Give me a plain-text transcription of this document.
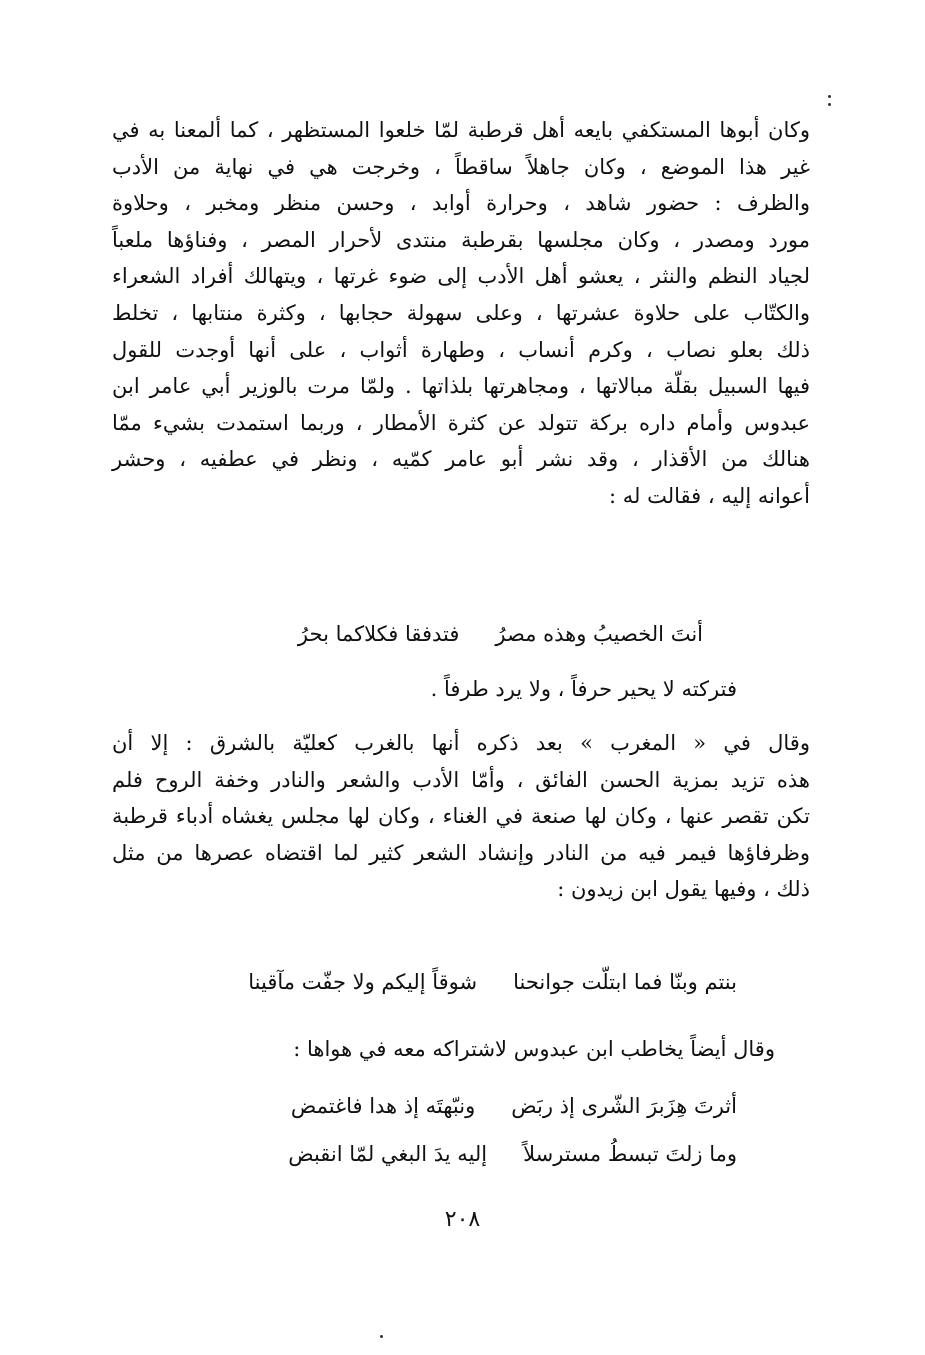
وكان أبوها المستكفي بايعه أهل قرطبة لمّا خلعوا المستظهر ، كما ألمعنا به في
غير هذا الموضع ، وكان جاهلاً ساقطاً ، وخرجت هي في نهاية من الأدب
والظرف : حضور شاهد ، وحرارة أوابد ، وحسن منظر ومخبر ، وحلاوة
مورد ومصدر ، وكان مجلسها بقرطبة منتدى لأحرار المصر ، وفناؤها ملعباً
لجياد النظم والنثر ، يعشو أهل الأدب إلى ضوء غرتها ، ويتهالك أفراد الشعراء
والكتّاب على حلاوة عشرتها ، وعلى سهولة حجابها ، وكثرة منتابها ، تخلط
ذلك بعلو نصاب ، وكرم أنساب ، وطهارة أثواب ، على أنها أوجدت للقول
فيها السبيل بقلّة مبالاتها ، ومجاهرتها بلذاتها . ولمّا مرت بالوزير أبي عامر ابن
عبدوس وأمام داره بركة تتولد عن كثرة الأمطار ، وربما استمدت بشيء ممّا
هنالك من الأقذار ، وقد نشر أبو عامر كمّيه ، ونظر في عطفيه ، وحشر
أعوانه إليه ، فقالت له :
أنتَ الخصيبُ وهذه مصرُ
فتدفقا فكلاكما بحرُ
فتركته لا يحير حرفاً ، ولا يرد طرفاً .
وقال في « المغرب » بعد ذكره أنها بالغرب كعليّة بالشرق : إلا أن
هذه تزيد بمزية الحسن الفائق ، وأمّا الأدب والشعر والنادر وخفة الروح فلم
تكن تقصر عنها ، وكان لها صنعة في الغناء ، وكان لها مجلس يغشاه أدباء قرطبة
وظرفاؤها فيمر فيه من النادر وإنشاد الشعر كثير لما اقتضاه عصرها من مثل
ذلك ، وفيها يقول ابن زيدون :
بنتم وبنّا فما ابتلّت جوانحنا
شوقاً إليكم ولا جفّت مآقينا
وقال أيضاً يخاطب ابن عبدوس لاشتراكه معه في هواها :
أثرتَ هِزَبرَ الشّرى إذ ربَض
ونبّهتَه إذ هدا فاغتمض
وما زلتَ تبسطُ مسترسلاً
إليه يدَ البغي لمّا انقبض
٢٠٨
